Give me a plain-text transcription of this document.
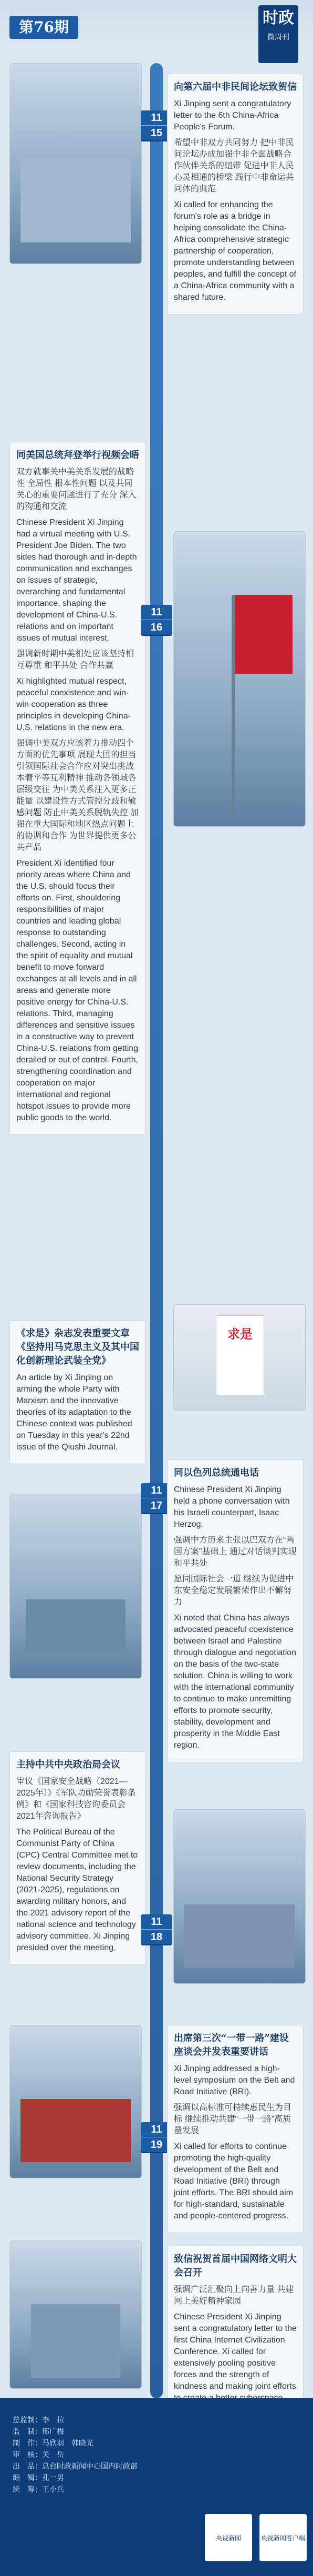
第76期	时政
微周刊
11
15
向第六届中非民间论坛致贺信

Xi Jinping sent a congratulatory letter to the 6th China-Africa People's Forum.

希望中非双方共同努力 把中非民间论坛办成加强中非全面战略合作伙伴关系的纽带 促进中非人民心灵相通的桥梁 践行中非命运共同体的典范

Xi called for enhancing the forum's role as a bridge in helping consolidate the China-Africa comprehensive strategic partnership of cooperation, promote understanding between peoples, and fulfill the concept of a China-Africa community with a shared future.

同美国总统拜登举行视频会晤

双方就事关中美关系发展的战略性 全局性 根本性问题 以及共同关心的重要问题进行了充分 深入的沟通和交流

Chinese President Xi Jinping had a virtual meeting with U.S. President Joe Biden. The two sides had thorough and in-depth communication and exchanges on issues of strategic, overarching and fundamental importance, shaping the development of China-U.S. relations and on important issues of mutual interest.

强调新时期中美相处应该坚持相互尊重 和平共处 合作共赢

Xi highlighted mutual respect, peaceful coexistence and win-win cooperation as three principles in developing China-U.S. relations in the new era.

强调中美双方应该着力推动四个方面的优先事项 展现大国的担当 引领国际社会合作应对突出挑战 本着平等互利精神 推动各领域各层级交往 为中美关系注入更多正能量 以建设性方式管控分歧和敏感问题 防止中美关系脱轨失控 加强在重大国际和地区热点问题上的协调和合作 为世界提供更多公共产品

President Xi identified four priority areas where China and the U.S. should focus their efforts on. First, shouldering responsibilities of major countries and leading global response to outstanding challenges. Second, acting in the spirit of equality and mutual benefit to move forward exchanges at all levels and in all areas and generate more positive energy for China-U.S. relations. Third, managing differences and sensitive issues in a constructive way to prevent China-U.S. relations from getting derailed or out of control. Fourth, strengthening coordination and cooperation on major international and regional hotspot issues to provide more public goods to the world.

11
16
《求是》杂志发表重要文章《坚持用马克思主义及其中国化创新理论武装全党》

An article by Xi Jinping on arming the whole Party with Marxism and the innovative theories of its adaptation to the Chinese context was published on Tuesday in this year's 22nd issue of the Qiushi Journal.

求是
11
17
同以色列总统通电话

Chinese President Xi Jinping held a phone conversation with his Israeli counterpart, Isaac Herzog.

强调中方历来主张以巴双方在“两国方案”基础上 通过对话谈判实现和平共处

愿同国际社会一道 继续为促进中东安全稳定发展繁荣作出不懈努力

Xi noted that China has always advocated peaceful coexistence between Israel and Palestine through dialogue and negotiation on the basis of the two-state solution. China is willing to work with the international community to continue to make unremitting efforts to promote security, stability, development and prosperity in the Middle East region.

主持中共中央政治局会议

审议《国家安全战略（2021—2025年）》《军队功勋荣誉表彰条例》和《国家科技咨询委员会2021年咨询报告》

The Political Bureau of the Communist Party of China (CPC) Central Committee met to review documents, including the National Security Strategy (2021-2025), regulations on awarding military honors, and the 2021 advisory report of the national science and technology advisory committee. Xi Jinping presided over the meeting.

11
18
11
19
出席第三次“一带一路”建设座谈会并发表重要讲话

Xi Jinping addressed a high-level symposium on the Belt and Road Initiative (BRI).

强调以高标准可持续惠民生为目标 继续推动共建“一带一路”高质量发展

Xi called for efforts to continue promoting the high-quality development of the Belt and Road Initiative (BRI) through joint efforts. The BRI should aim for high-standard, sustainable and people-centered progress.

致信祝贺首届中国网络文明大会召开

强调广泛汇聚向上向善力量 共建网上美好精神家园

Chinese President Xi Jinping sent a congratulatory letter to the first China Internet Civilization Conference. Xi called for extensively pooling positive forces and the strength of kindness and making joint efforts

总监制：李　拉
监　制：邢广梅
制　作：马欣羽　韩晓光
审　核：关　岳
出　品：总台时政新闻中心国内时政部
编　辑：孔一男
统　筹：王小兵
央视新闻	央视新闻客户端
